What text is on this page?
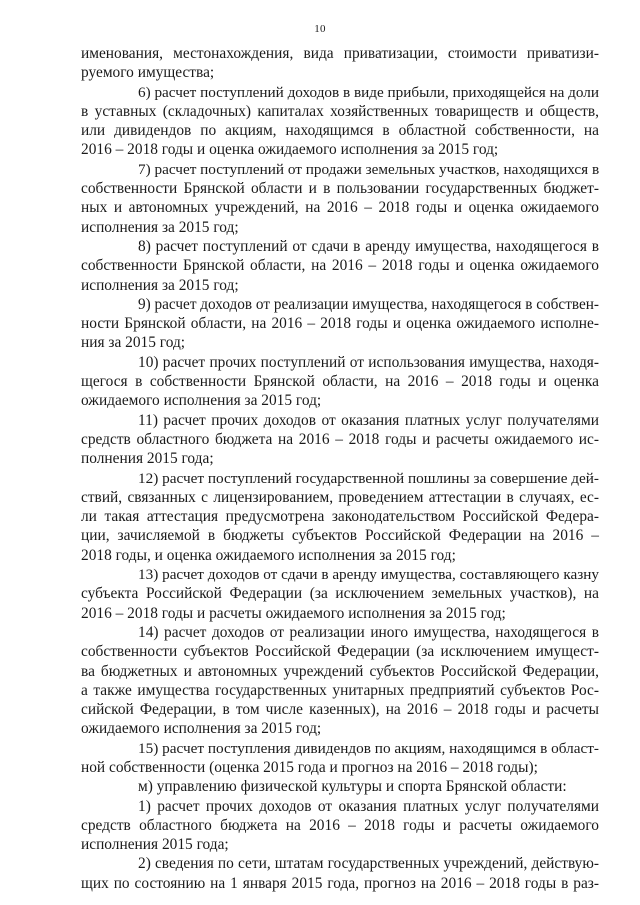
10
именования, местонахождения, вида приватизации, стоимости приватизи-
руемого имущества;
6) расчет поступлений доходов в виде прибыли, приходящейся на доли
в уставных (складочных) капиталах хозяйственных товариществ и обществ,
или дивидендов по акциям, находящимся в областной собственности, на
2016 – 2018 годы и оценка ожидаемого исполнения за 2015 год;
7) расчет поступлений от продажи земельных участков, находящихся в
собственности Брянской области и в пользовании государственных бюджет-
ных и автономных учреждений, на 2016 – 2018 годы и оценка ожидаемого
исполнения за 2015 год;
8) расчет поступлений от сдачи в аренду имущества, находящегося в
собственности Брянской области, на 2016 – 2018 годы и оценка ожидаемого
исполнения за 2015 год;
9) расчет доходов от реализации имущества, находящегося в собствен-
ности Брянской области, на 2016 – 2018 годы и оценка ожидаемого исполне-
ния за 2015 год;
10) расчет прочих поступлений от использования имущества, находя-
щегося в собственности Брянской области, на 2016 – 2018 годы и оценка
ожидаемого исполнения за 2015 год;
11) расчет прочих доходов от оказания платных услуг получателями
средств областного бюджета на 2016 – 2018 годы и расчеты ожидаемого ис-
полнения 2015 года;
12) расчет поступлений государственной пошлины за совершение дей-
ствий, связанных с лицензированием, проведением аттестации в случаях, ес-
ли такая аттестация предусмотрена законодательством Российской Федера-
ции, зачисляемой в бюджеты субъектов Российской Федерации на 2016 –
2018 годы, и оценка ожидаемого исполнения за 2015 год;
13) расчет доходов от сдачи в аренду имущества, составляющего казну
субъекта Российской Федерации (за исключением земельных участков), на
2016 – 2018 годы и расчеты ожидаемого исполнения за 2015 год;
14) расчет доходов от реализации иного имущества, находящегося в
собственности субъектов Российской Федерации (за исключением имущест-
ва бюджетных и автономных учреждений субъектов Российской Федерации,
а также имущества государственных унитарных предприятий субъектов Рос-
сийской Федерации, в том числе казенных), на 2016 – 2018 годы и расчеты
ожидаемого исполнения за 2015 год;
15) расчет поступления дивидендов по акциям, находящимся в област-
ной собственности (оценка 2015 года и прогноз на 2016 – 2018 годы);
м) управлению физической культуры и спорта Брянской области:
1) расчет прочих доходов от оказания платных услуг получателями
средств областного бюджета на 2016 – 2018 годы и расчеты ожидаемого
исполнения 2015 года;
2) сведения по сети, штатам государственных учреждений, действую-
щих по состоянию на 1 января 2015 года, прогноз на 2016 – 2018 годы в раз-
